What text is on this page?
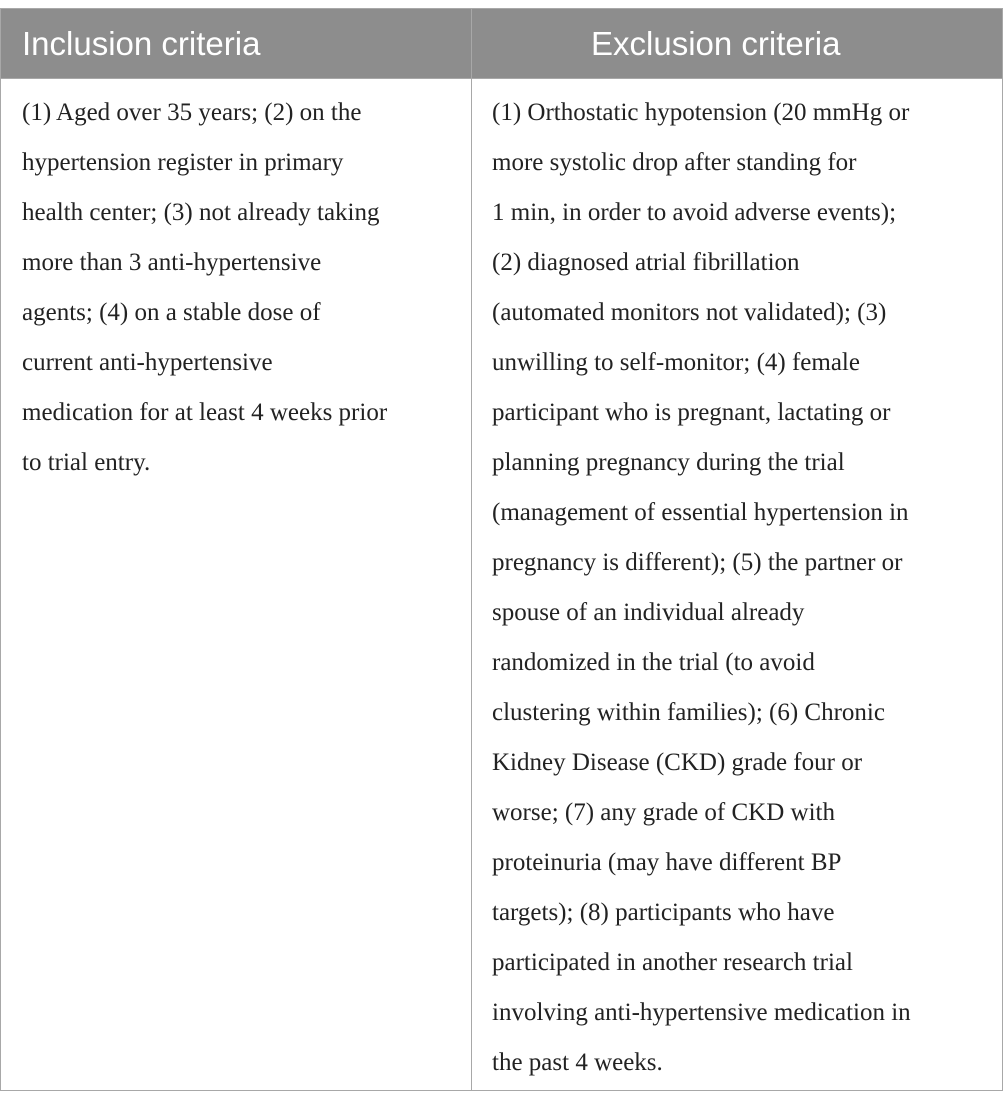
Inclusion criteria	Exclusion criteria
(1) Aged over 35 years; (2) on the
hypertension register in primary
health center; (3) not already taking
more than 3 anti-hypertensive
agents; (4) on a stable dose of
current anti-hypertensive
medication for at least 4 weeks prior
to trial entry.
(1) Orthostatic hypotension (20 mmHg or
more systolic drop after standing for
1 min, in order to avoid adverse events);
(2) diagnosed atrial fibrillation
(automated monitors not validated); (3)
unwilling to self-monitor; (4) female
participant who is pregnant, lactating or
planning pregnancy during the trial
(management of essential hypertension in
pregnancy is different); (5) the partner or
spouse of an individual already
randomized in the trial (to avoid
clustering within families); (6) Chronic
Kidney Disease (CKD) grade four or
worse; (7) any grade of CKD with
proteinuria (may have different BP
targets); (8) participants who have
participated in another research trial
involving anti-hypertensive medication in
the past 4 weeks.
